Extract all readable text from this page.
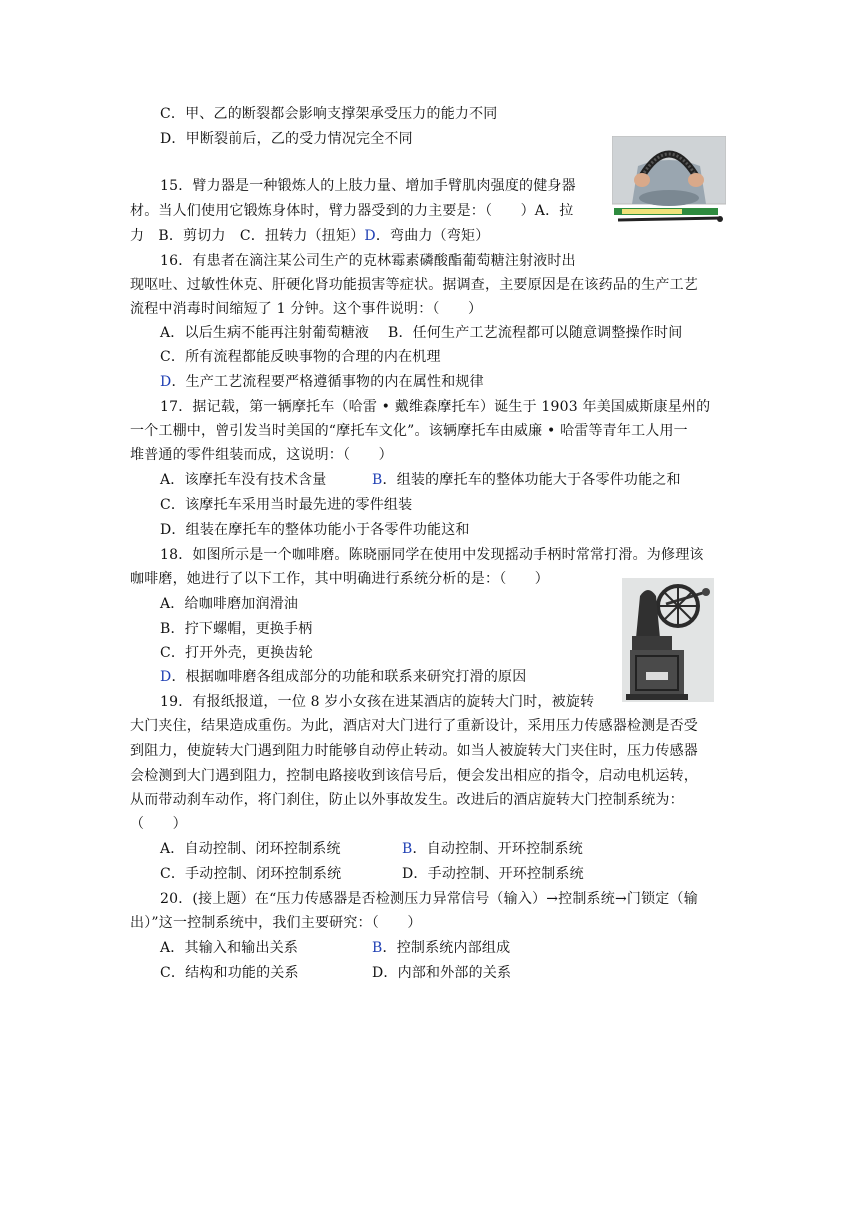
C．甲、乙的断裂都会影响支撑架承受压力的能力不同
D．甲断裂前后，乙的受力情况完全不同
15．臂力器是一种锻炼人的上肢力量、增加手臂肌肉强度的健身器
材。当人们使用它锻炼身体时，臂力器受到的力主要是：（　　）A．拉
力　B．剪切力　C．扭转力（扭矩）D．弯曲力（弯矩）
16．有患者在滴注某公司生产的克林霉素磷酸酯葡萄糖注射液时出
现呕吐、过敏性休克、肝硬化肾功能损害等症状。据调查，主要原因是在该药品的生产工艺
流程中消毒时间缩短了 1 分钟。这个事件说明：（　　）
A．以后生病不能再注射葡萄糖液　 B．任何生产工艺流程都可以随意调整操作时间
C．所有流程都能反映事物的合理的内在机理
D．生产工艺流程要严格遵循事物的内在属性和规律
17．据记载，第一辆摩托车（哈雷 • 戴维森摩托车）诞生于 1903 年美国威斯康星州的
一个工棚中，曾引发当时美国的“摩托车文化”。该辆摩托车由威廉 • 哈雷等青年工人用一
堆普通的零件组装而成，这说明：（　　）
A．该摩托车没有技术含量	B．组装的摩托车的整体功能大于各零件功能之和
C．该摩托车采用当时最先进的零件组装
D．组装在摩托车的整体功能小于各零件功能这和
18．如图所示是一个咖啡磨。陈晓丽同学在使用中发现摇动手柄时常常打滑。为修理该
咖啡磨，她进行了以下工作，其中明确进行系统分析的是：（　　）
A．给咖啡磨加润滑油
B．拧下螺帽，更换手柄
C．打开外壳，更换齿轮
D．根据咖啡磨各组成部分的功能和联系来研究打滑的原因
19．有报纸报道，一位 8 岁小女孩在进某酒店的旋转大门时，被旋转
大门夹住，结果造成重伤。为此，酒店对大门进行了重新设计，采用压力传感器检测是否受
到阻力，使旋转大门遇到阻力时能够自动停止转动。如当人被旋转大门夹住时，压力传感器
会检测到大门遇到阻力，控制电路接收到该信号后，便会发出相应的指令，启动电机运转，
从而带动刹车动作，将门刹住，防止以外事故发生。改进后的酒店旋转大门控制系统为：
（　　）
A．自动控制、闭环控制系统	B．自动控制、开环控制系统
C．手动控制、闭环控制系统	D．手动控制、开环控制系统
20．(接上题）在“压力传感器是否检测压力异常信号（输入）→控制系统→门锁定（输
出）”这一控制系统中，我们主要研究：（　　）
A．其输入和输出关系	B．控制系统内部组成
C．结构和功能的关系	D．内部和外部的关系
